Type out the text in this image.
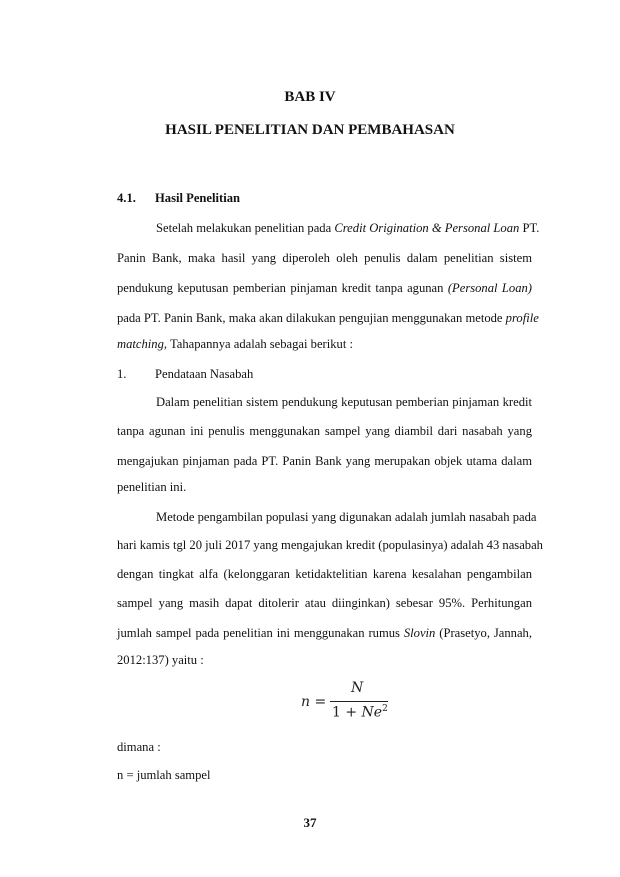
BAB IV
HASIL PENELITIAN DAN PEMBAHASAN
4.1. Hasil Penelitian
Setelah melakukan penelitian pada Credit Origination & Personal Loan PT.
Panin Bank, maka hasil yang diperoleh oleh penulis dalam penelitian sistem
pendukung keputusan pemberian pinjaman kredit tanpa agunan (Personal Loan)
pada PT. Panin Bank, maka akan dilakukan pengujian menggunakan metode profile
matching, Tahapannya adalah sebagai berikut :
1. Pendataan Nasabah
Dalam penelitian sistem pendukung keputusan pemberian pinjaman kredit
tanpa agunan ini penulis menggunakan sampel yang diambil dari nasabah yang
mengajukan pinjaman pada PT. Panin Bank yang merupakan objek utama dalam
penelitian ini.
Metode pengambilan populasi yang digunakan adalah jumlah nasabah pada
hari kamis tgl 20 juli 2017 yang mengajukan kredit (populasinya) adalah 43 nasabah
dengan tingkat alfa (kelonggaran ketidaktelitian karena kesalahan pengambilan
sampel yang masih dapat ditolerir atau diinginkan) sebesar 95%. Perhitungan
jumlah sampel pada penelitian ini menggunakan rumus Slovin (Prasetyo, Jannah,
2012:137) yaitu :
n =
N
$1 + Ne^2$
dimana :
n = jumlah sampel
37
